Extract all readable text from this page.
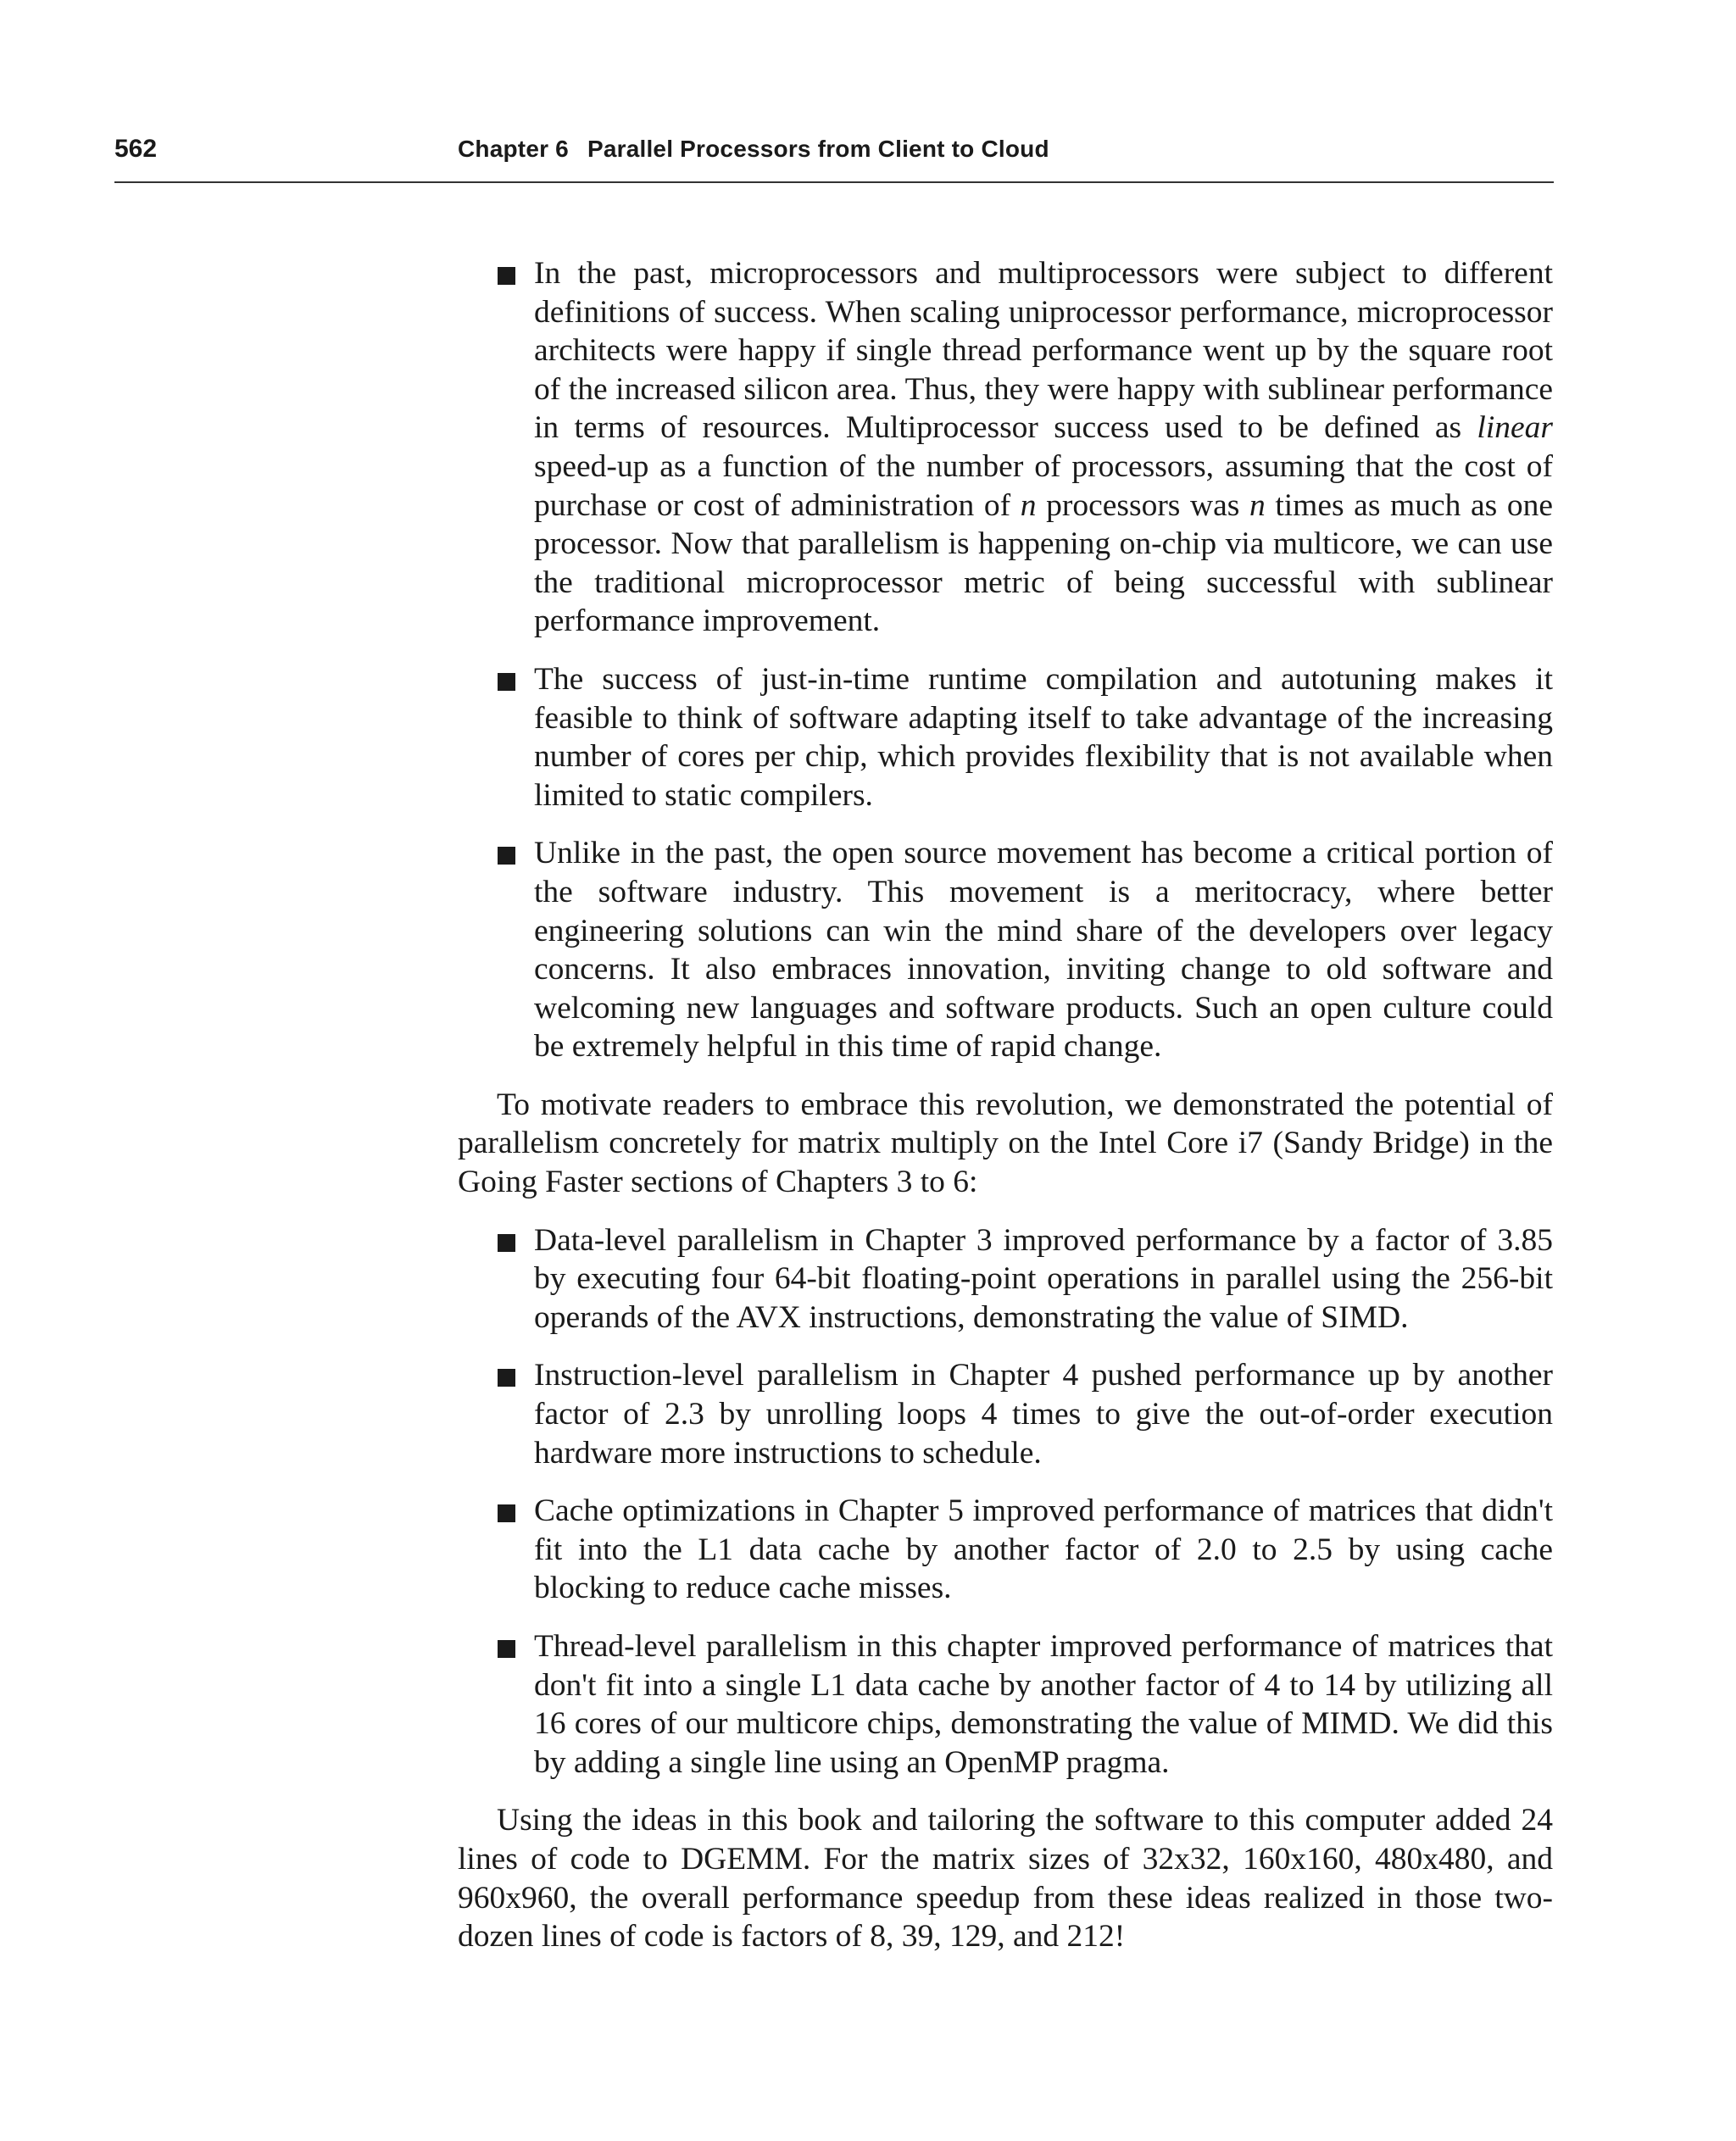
562	Chapter 6 Parallel Processors from Client to Cloud
In the past, microprocessors and multiprocessors were subject to different definitions of success. When scaling uniprocessor performance, microprocessor architects were happy if single thread performance went up by the square root of the increased silicon area. Thus, they were happy with sublinear performance in terms of resources. Multiprocessor success used to be defined as linear speed-up as a function of the number of processors, assuming that the cost of purchase or cost of administration of n processors was n times as much as one processor. Now that parallelism is happening on-chip via multicore, we can use the traditional microprocessor metric of being successful with sublinear performance improvement.
The success of just-in-time runtime compilation and autotuning makes it feasible to think of software adapting itself to take advantage of the increasing number of cores per chip, which provides flexibility that is not available when limited to static compilers.
Unlike in the past, the open source movement has become a critical portion of the software industry. This movement is a meritocracy, where better engineering solutions can win the mind share of the developers over legacy concerns. It also embraces innovation, inviting change to old software and welcoming new languages and software products. Such an open culture could be extremely helpful in this time of rapid change.

To motivate readers to embrace this revolution, we demonstrated the potential of parallelism concretely for matrix multiply on the Intel Core i7 (Sandy Bridge) in the Going Faster sections of Chapters 3 to 6:

Data-level parallelism in Chapter 3 improved performance by a factor of 3.85 by executing four 64-bit floating-point operations in parallel using the 256-bit operands of the AVX instructions, demonstrating the value of SIMD.
Instruction-level parallelism in Chapter 4 pushed performance up by another factor of 2.3 by unrolling loops 4 times to give the out-of-order execution hardware more instructions to schedule.
Cache optimizations in Chapter 5 improved performance of matrices that didn't fit into the L1 data cache by another factor of 2.0 to 2.5 by using cache blocking to reduce cache misses.
Thread-level parallelism in this chapter improved performance of matrices that don't fit into a single L1 data cache by another factor of 4 to 14 by utilizing all 16 cores of our multicore chips, demonstrating the value of MIMD. We did this by adding a single line using an OpenMP pragma.

Using the ideas in this book and tailoring the software to this computer added 24 lines of code to DGEMM. For the matrix sizes of 32x32, 160x160, 480x480, and 960x960, the overall performance speedup from these ideas realized in those two-dozen lines of code is factors of 8, 39, 129, and 212!
